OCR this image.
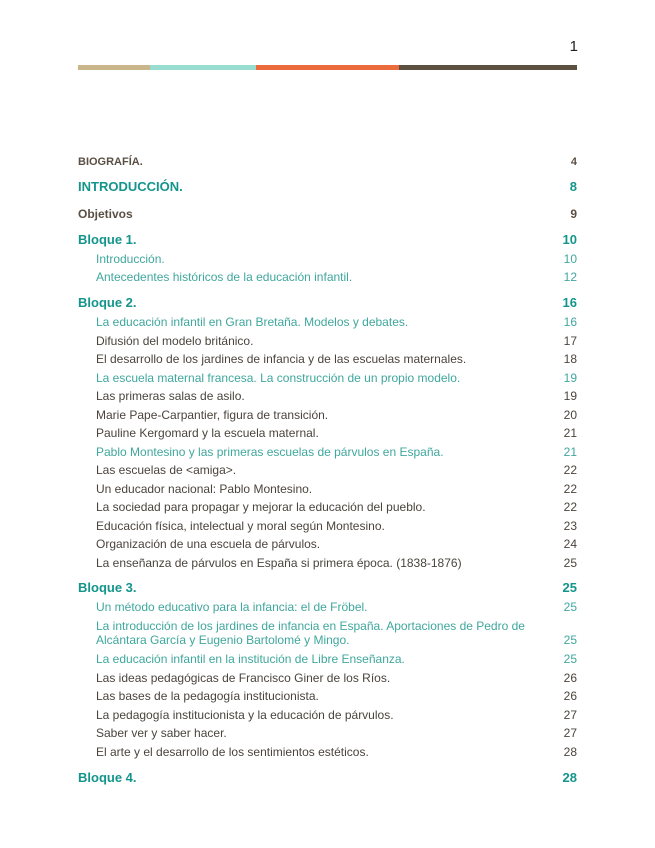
1
BIOGRAFÍA.	4
INTRODUCCIÓN.	8
Objetivos	9
Bloque 1.	10
Introducción.	10
Antecedentes históricos de la educación infantil.	12
Bloque 2.	16
La educación infantil en Gran Bretaña. Modelos y debates.	16
Difusión del modelo británico.	17
El desarrollo de los jardines de infancia y de las escuelas maternales.	18
La escuela maternal francesa. La construcción de un propio modelo.	19
Las primeras salas de asilo.	19
Marie Pape-Carpantier, figura de transición.	20
Pauline Kergomard y la escuela maternal.	21
Pablo Montesino y las primeras escuelas de párvulos en España.	21
Las escuelas de <amiga>.	22
Un educador nacional: Pablo Montesino.	22
La sociedad para propagar y mejorar la educación del pueblo.	22
Educación física, intelectual y moral según Montesino.	23
Organización de una escuela de párvulos.	24
La enseñanza de párvulos en España si primera época. (1838-1876)	25
Bloque 3.	25
Un método educativo para la infancia: el de Fröbel.	25
La introducción de los jardines de infancia en España. Aportaciones de Pedro de Alcántara García y Eugenio Bartolomé y Mingo.	25
La educación infantil en la institución de Libre Enseñanza.	25
Las ideas pedagógicas de Francisco Giner de los Ríos.	26
Las bases de la pedagogía institucionista.	26
La pedagogía institucionista y la educación de párvulos.	27
Saber ver y saber hacer.	27
El arte y el desarrollo de los sentimientos estéticos.	28
Bloque 4.	28
